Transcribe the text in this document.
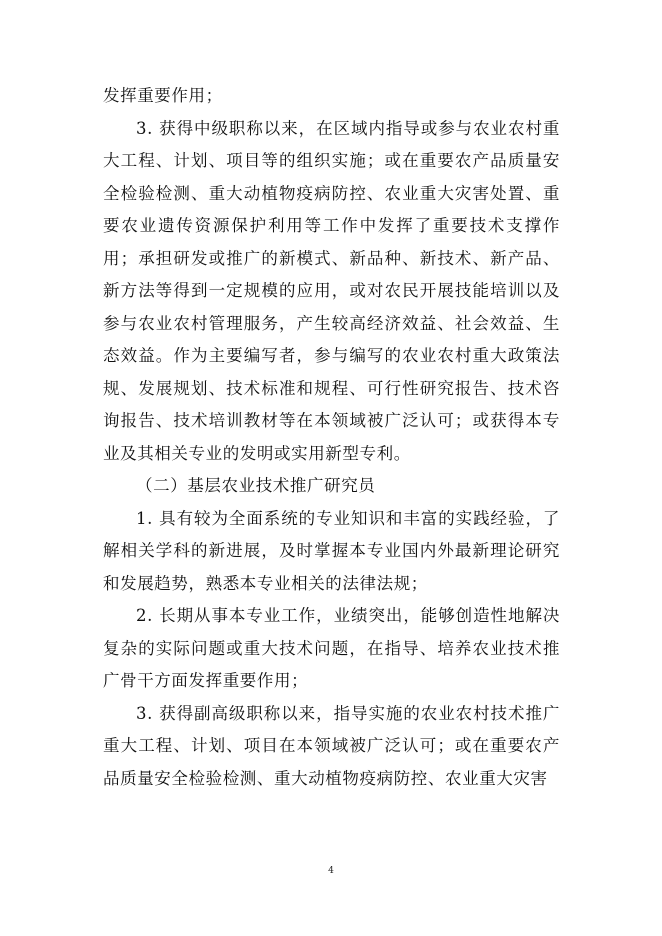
发挥重要作用；

3. 获得中级职称以来，在区域内指导或参与农业农村重大工程、计划、项目等的组织实施；或在重要农产品质量安全检验检测、重大动植物疫病防控、农业重大灾害处置、重要农业遗传资源保护利用等工作中发挥了重要技术支撑作用；承担研发或推广的新模式、新品种、新技术、新产品、新方法等得到一定规模的应用，或对农民开展技能培训以及参与农业农村管理服务，产生较高经济效益、社会效益、生态效益。作为主要编写者，参与编写的农业农村重大政策法规、发展规划、技术标准和规程、可行性研究报告、技术咨询报告、技术培训教材等在本领域被广泛认可；或获得本专业及其相关专业的发明或实用新型专利。

（二）基层农业技术推广研究员

1. 具有较为全面系统的专业知识和丰富的实践经验，了解相关学科的新进展，及时掌握本专业国内外最新理论研究和发展趋势，熟悉本专业相关的法律法规；

2. 长期从事本专业工作，业绩突出，能够创造性地解决复杂的实际问题或重大技术问题，在指导、培养农业技术推广骨干方面发挥重要作用；

3. 获得副高级职称以来，指导实施的农业农村技术推广重大工程、计划、项目在本领域被广泛认可；或在重要农产品质量安全检验检测、重大动植物疫病防控、农业重大灾害

4
